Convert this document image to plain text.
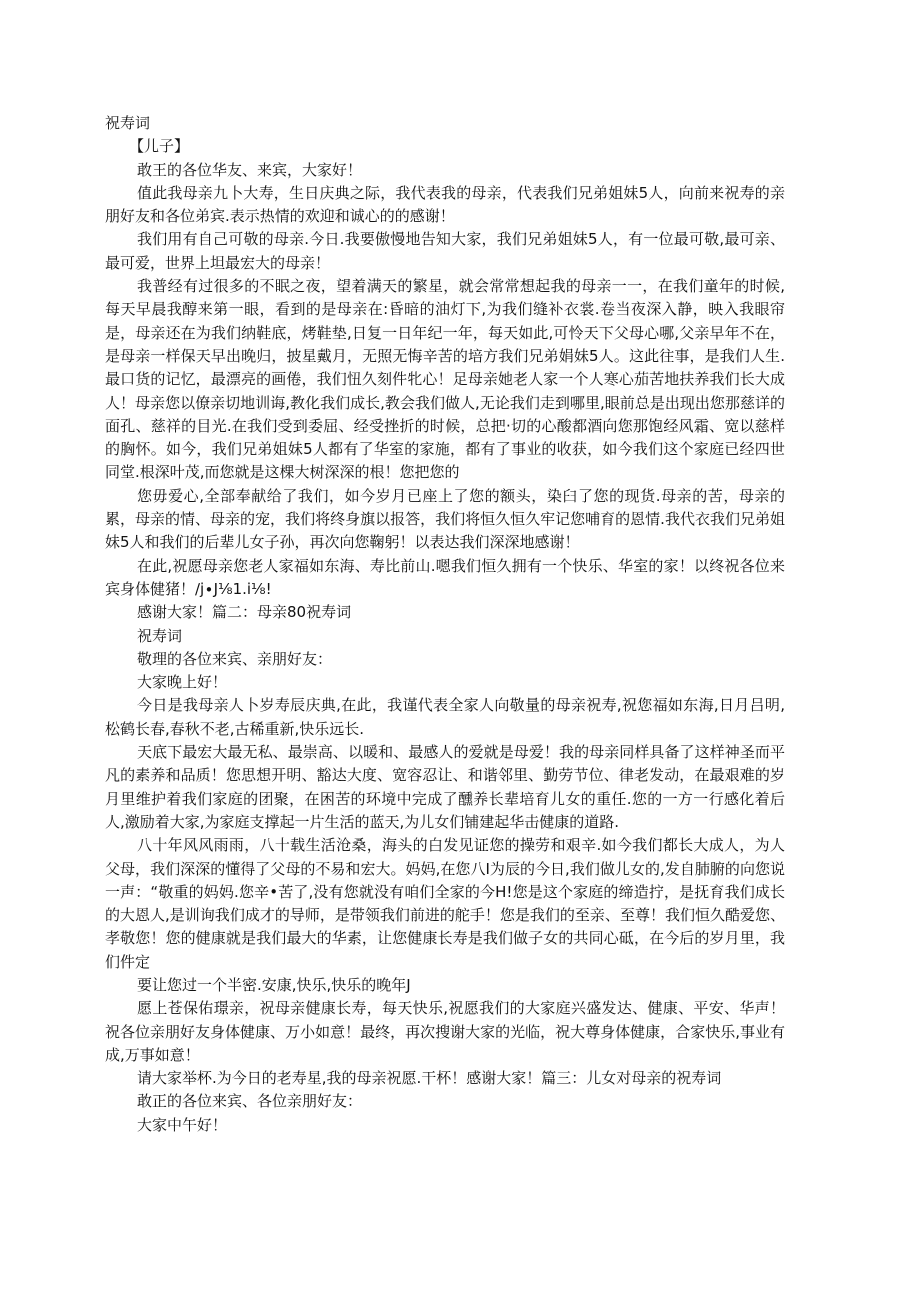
祝寿词

【儿子】

敢王的各位华友、来宾，大家好！

值此我母亲九卜大寿，生日庆典之际，我代表我的母亲，代表我们兄弟姐妹5人，向前来祝寿的亲朋好友和各位弟宾.表示热情的欢迎和诚心的的感谢！

我们用有自己可敬的母亲.今日.我要傲慢地告知大家，我们兄弟姐妹5人，有一位最可敬,最可亲、最可爱，世界上坦最宏大的母亲！

我普经有过很多的不眠之夜，望着满天的繁星，就会常常想起我的母亲一一，在我们童年的时候,每天早晨我醇来第一眼，看到的是母亲在:昏暗的油灯下,为我们缝补衣裳.卷当夜深入静，映入我眼帘是，母亲还在为我们纳鞋底，烤鞋垫,日复一日年纪一年，每天如此,可怜天下父母心哪,父亲早年不在，是母亲一样保天早出晚归，披星戴月，无照无悔辛苦的培方我们兄弟娟妹5人。这此往事，是我们人生.最口货的记忆，最漂亮的画倦，我们忸久刻件牝心！足母亲她老人家一个人寒心茄苦地扶养我们长大成人！母亲您以僚亲切地训诲,教化我们成长,教会我们做人,无论我们走到哪里,眼前总是出现出您那慈详的面孔、慈祥的目光.在我们受到委屈、经受挫折的时候，总把·切的心酸都酒向您那饱经风霜、宽以慈样的胸怀。如今，我们兄弟姐妹5人都有了华室的家施，都有了事业的收获，如今我们这个家庭已经四世同堂.根深叶茂,而您就是这棵大树深深的根！您把您的

您毋爱心,全部奉献给了我们，如今岁月已座上了您的额头，染臼了您的现货.母亲的苦，母亲的累，母亲的情、母亲的宠，我们将终身旗以报答，我们将恒久恒久牢记您哺育的恩情.我代衣我们兄弟姐妹5人和我们的后辈儿女子孙，再次向您鞠躬！以表达我们深深地感谢！

在此,祝愿母亲您老人家福如东海、寿比前山.嗯我们恒久拥有一个快乐、华室的家！以终祝各位来宾身体健猪！∕j∙J⅛1.i⅛!

感谢大家！篇二：母亲80祝寿词

祝寿词

敬理的各位来宾、亲朋好友：

大家晚上好！

今日是我母亲人卜岁寿辰庆典,在此，我谨代表全家人向敬量的母亲祝寿,祝您福如东海,日月吕明,松鹤长春,春秋不老,古稀重新,快乐远长.

天底下最宏大最无私、最崇高、以暖和、最感人的爱就是母爱！我的母亲同样具备了这样神圣而平凡的素养和品质！您思想开明、豁达大度、宽容忍让、和谐邻里、勤劳节位、律老发动，在最艰难的岁月里维护着我们家庭的团聚，在困苦的环境中完成了醺养长辈培育儿女的重任.您的一方一行感化着后人,激励着大家,为家庭支撑起一片生活的蓝天,为儿女们铺建起华击健康的道路.

八十年风风雨雨，八十载生活沧桑，海头的白发见证您的操劳和艰辛.如今我们都长大成人，为人父母，我们深深的懂得了父母的不易和宏大。妈妈,在您八I为辰的今日,我们做儿女的,发自肺腑的向您说一声：“敬重的妈妈.您辛•苦了,没有您就没有咱们全家的今H!您是这个家庭的缔造拧，是抚育我们成长的大恩人,是训询我们成才的导师，是带领我们前进的舵手！您是我们的至亲、至尊！我们恒久酷爱您、孝敬您！您的健康就是我们最大的华素，让您健康长寿是我们做子女的共同心砥，在今后的岁月里，我们件定

要让您过一个半密.安康,快乐,快乐的晚年J

愿上苍保佑璟亲，祝母亲健康长寿，每天快乐,祝愿我们的大家庭兴盛发达、健康、平安、华声！祝各位亲朋好友身体健康、万小如意！最终，再次搜谢大家的光临，祝大尊身体健康，合家快乐,事业有成,万事如意！

请大家举杯.为今日的老寿星,我的母亲祝愿.干杯！感谢大家！篇三：儿女对母亲的祝寿词

敢正的各位来宾、各位亲朋好友：

大家中午好！
